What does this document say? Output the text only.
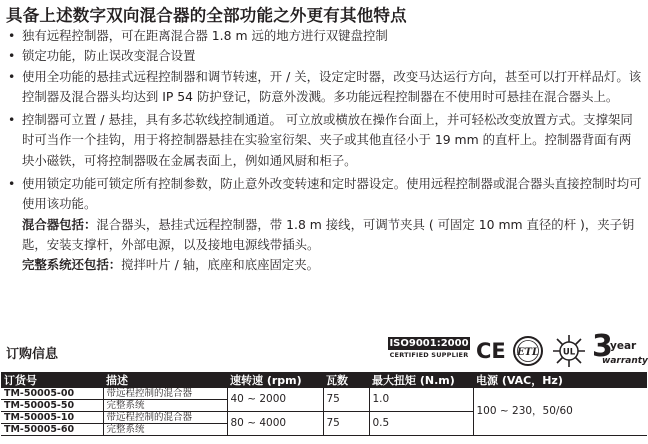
具备上述数字双向混合器的全部功能之外更有其他特点
• 独有远程控制器，可在距离混合器 1.8 m 远的地方进行双键盘控制
• 锁定功能，防止误改变混合设置
• 使用全功能的悬挂式远程控制器和调节转速，开 / 关，设定定时器，改变马达运行方向，甚至可以打开样品灯。该控制器及混合器头均达到 IP 54 防护登记，防意外泼溅。多功能远程控制器在不使用时可悬挂在混合器头上。
• 控制器可立置 / 悬挂，具有多芯软线控制通道。 可立放或横放在操作台面上，并可轻松改变放置方式。支撑架同时可当作一个挂钩，用于将控制器悬挂在实验室衍架、夹子或其他直径小于 19 mm 的直杆上。控制器背面有两块小磁铁，可将控制器吸在金属表面上，例如通风厨和柜子。
• 使用锁定功能可锁定所有控制参数，防止意外改变转速和定时器设定。使用远程控制器或混合器头直接控制时均可使用该功能。
混合器包括：混合器头，悬挂式远程控制器，带 1.8 m 接线，可调节夹具 ( 可固定 10 mm 直径的杆 )，夹子钥匙，安装支撑杆，外部电源，以及接地电源线带插头。
完整系统还包括：搅拌叶片 / 轴，底座和底座固定夹。
订购信息
ISO9001:2000
CERTIFIED SUPPLIER CE ETL	UL 3
year
warranty
订货号	描述	速转速 (rpm)	瓦数	最大扭矩 (N.m)	电源 (VAC，Hz)
TM-50005-00	带远程控制的混合器	40 ~ 2000	75	1.0	100 ~ 230，50/60
TM-50005-50	完整系统				
TM-50005-10	带远程控制的混合器	80 ~ 4000	75	0.5	
TM-50005-60	完整系统				
